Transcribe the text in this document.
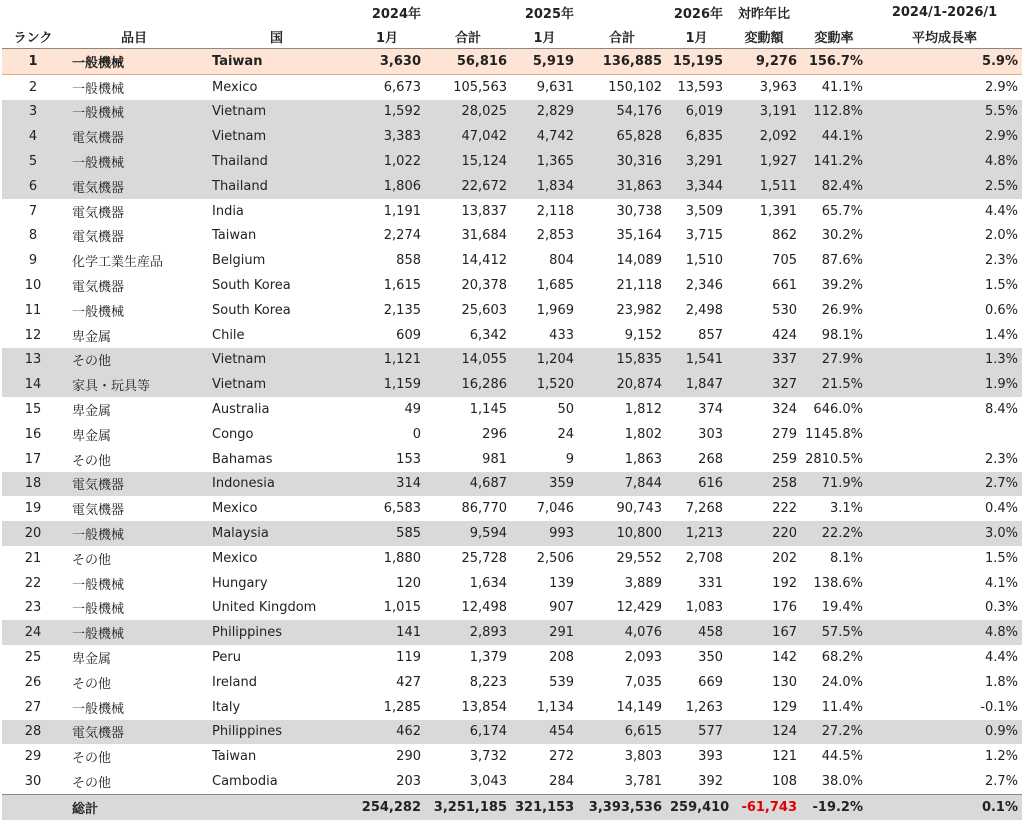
			2024年		2025年		2026年	対昨年比		2024/1-2026/1
ランク	品目	国	1月	合計	1月	合計	1月	変動額	変動率	平均成長率
1	一般機械	Taiwan	3,630	56,816	5,919	136,885	15,195	9,276	156.7%	5.9%
2	一般機械	Mexico	6,673	105,563	9,631	150,102	13,593	3,963	41.1%	2.9%
3	一般機械	Vietnam	1,592	28,025	2,829	54,176	6,019	3,191	112.8%	5.5%
4	電気機器	Vietnam	3,383	47,042	4,742	65,828	6,835	2,092	44.1%	2.9%
5	一般機械	Thailand	1,022	15,124	1,365	30,316	3,291	1,927	141.2%	4.8%
6	電気機器	Thailand	1,806	22,672	1,834	31,863	3,344	1,511	82.4%	2.5%
7	電気機器	India	1,191	13,837	2,118	30,738	3,509	1,391	65.7%	4.4%
8	電気機器	Taiwan	2,274	31,684	2,853	35,164	3,715	862	30.2%	2.0%
9	化学工業生産品	Belgium	858	14,412	804	14,089	1,510	705	87.6%	2.3%
10	電気機器	South Korea	1,615	20,378	1,685	21,118	2,346	661	39.2%	1.5%
11	一般機械	South Korea	2,135	25,603	1,969	23,982	2,498	530	26.9%	0.6%
12	卑金属	Chile	609	6,342	433	9,152	857	424	98.1%	1.4%
13	その他	Vietnam	1,121	14,055	1,204	15,835	1,541	337	27.9%	1.3%
14	家具・玩具等	Vietnam	1,159	16,286	1,520	20,874	1,847	327	21.5%	1.9%
15	卑金属	Australia	49	1,145	50	1,812	374	324	646.0%	8.4%
16	卑金属	Congo	0	296	24	1,802	303	279	1145.8%	
17	その他	Bahamas	153	981	9	1,863	268	259	2810.5%	2.3%
18	電気機器	Indonesia	314	4,687	359	7,844	616	258	71.9%	2.7%
19	電気機器	Mexico	6,583	86,770	7,046	90,743	7,268	222	3.1%	0.4%
20	一般機械	Malaysia	585	9,594	993	10,800	1,213	220	22.2%	3.0%
21	その他	Mexico	1,880	25,728	2,506	29,552	2,708	202	8.1%	1.5%
22	一般機械	Hungary	120	1,634	139	3,889	331	192	138.6%	4.1%
23	一般機械	United Kingdom	1,015	12,498	907	12,429	1,083	176	19.4%	0.3%
24	一般機械	Philippines	141	2,893	291	4,076	458	167	57.5%	4.8%
25	卑金属	Peru	119	1,379	208	2,093	350	142	68.2%	4.4%
26	その他	Ireland	427	8,223	539	7,035	669	130	24.0%	1.8%
27	一般機械	Italy	1,285	13,854	1,134	14,149	1,263	129	11.4%	-0.1%
28	電気機器	Philippines	462	6,174	454	6,615	577	124	27.2%	0.9%
29	その他	Taiwan	290	3,732	272	3,803	393	121	44.5%	1.2%
30	その他	Cambodia	203	3,043	284	3,781	392	108	38.0%	2.7%
	総計		254,282	3,251,185	321,153	3,393,536	259,410	-61,743	-19.2%	0.1%
